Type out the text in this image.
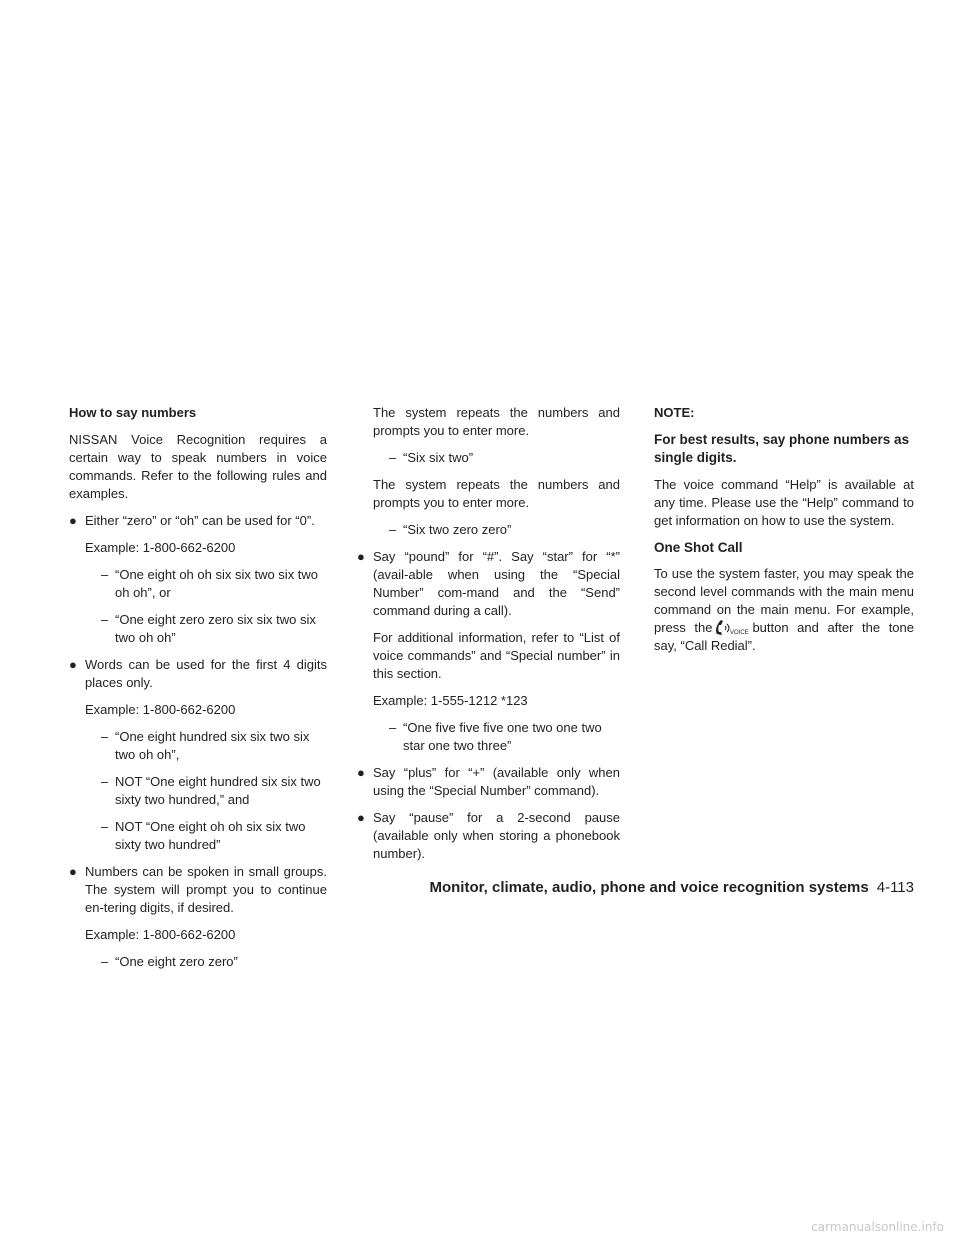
How to say numbers

NISSAN Voice Recognition requires a certain way to speak numbers in voice commands. Refer to the following rules and examples.

● Either “zero” or “oh” can be used for “0”.
Example: 1-800-662-6200
– “One eight oh oh six six two six two oh oh”, or
– “One eight zero zero six six two six two oh oh”
● Words can be used for the first 4 digits places only.
Example: 1-800-662-6200
– “One eight hundred six six two six two oh oh”,
– NOT “One eight hundred six six two sixty two hundred,” and
– NOT “One eight oh oh six six two sixty two hundred”
● Numbers can be spoken in small groups. The system will prompt you to continue en-tering digits, if desired.
Example: 1-800-662-6200
– “One eight zero zero”

The system repeats the numbers and prompts you to enter more.

– “Six six two”

The system repeats the numbers and prompts you to enter more.

– “Six two zero zero”
● Say “pound” for “#”. Say “star” for “*” (avail-able when using the “Special Number” com-mand and the “Send” command during a call).

For additional information, refer to “List of voice commands” and “Special number” in this section.

Example: 1-555-1212 *123
– “One five five five one two one two star one two three”
● Say “plus” for “+” (available only when using the “Special Number” command).
● Say “pause” for a 2-second pause (available only when storing a phonebook number).
NOTE:

For best results, say phone numbers as single digits.

The voice command “Help” is available at any time. Please use the “Help” command to get information on how to use the system.

One Shot Call

To use the system faster, you may speak the second level commands with the main menu command on the main menu. For example, press the	VOICE button and after the tone say, “Call Redial”.

Monitor, climate, audio, phone and voice recognition systems 4-113
carmanualsonline.info
